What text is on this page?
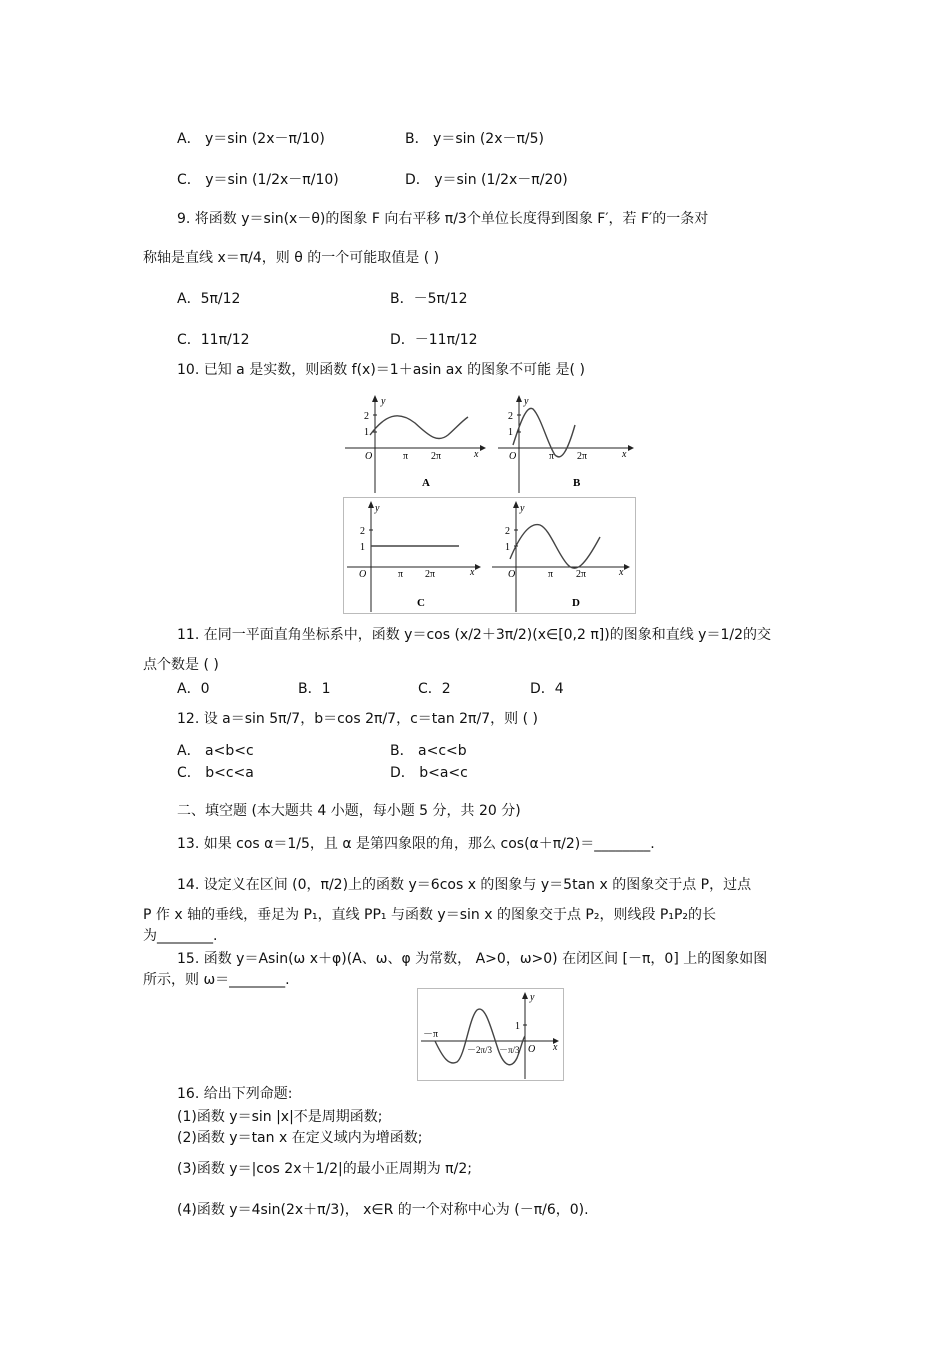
A． y＝sin (2x－π/10)	B． y＝sin (2x－π/5)
C． y＝sin (1/2x－π/10)	D． y＝sin (1/2x－π/20)
9. 将函数 y＝sin(x－θ)的图象 F 向右平移 π/3个单位长度得到图象 F′，若 F′的一条对
称轴是直线 x＝π/4，则 θ 的一个可能取值是 ( )
A．5π/12	B．－5π/12
C．11π/12	D．－11π/12
10. 已知 a 是实数，则函数 f(x)＝1＋asin ax 的图象不可能 是( )
y
2
1
O	π 2π	x
A
y
2
1
O	π 2π	x
B
y
2
1
O	π 2π	x
C
y
2
1
O	π 2π	x
D
11. 在同一平面直角坐标系中，函数 y＝cos (x/2＋3π/2)(x∈[0,2 π])的图象和直线 y＝1/2的交
点个数是 ( )
A．0	B．1	C．2	D．4
12. 设 a＝sin 5π/7，b＝cos 2π/7，c＝tan 2π/7，则 ( )
A． a<b<c	B． a<c<b
C． b<c<a	D． b<a<c
二、填空题 (本大题共 4 小题，每小题 5 分，共 20 分)
13. 如果 cos α＝1/5，且 α 是第四象限的角，那么 cos(α＋π/2)＝________.
14. 设定义在区间 (0，π/2)上的函数 y＝6cos x 的图象与 y＝5tan x 的图象交于点 P，过点
P 作 x 轴的垂线，垂足为 P₁，直线 PP₁ 与函数 y＝sin x 的图象交于点 P₂，则线段 P₁P₂的长
为________.
15. 函数 y＝Asin(ω x＋φ)(A、ω、φ 为常数， A>0，ω>0) 在闭区间 [－π，0] 上的图象如图
所示，则 ω＝________.
y
1
－π
－2π/3 －π/3 O x
16. 给出下列命题:
(1)函数 y＝sin |x|不是周期函数;
(2)函数 y＝tan x 在定义域内为增函数;
(3)函数 y＝|cos 2x＋1/2|的最小正周期为 π/2;
(4)函数 y＝4sin(2x＋π/3)， x∈R 的一个对称中心为 (－π/6，0).
